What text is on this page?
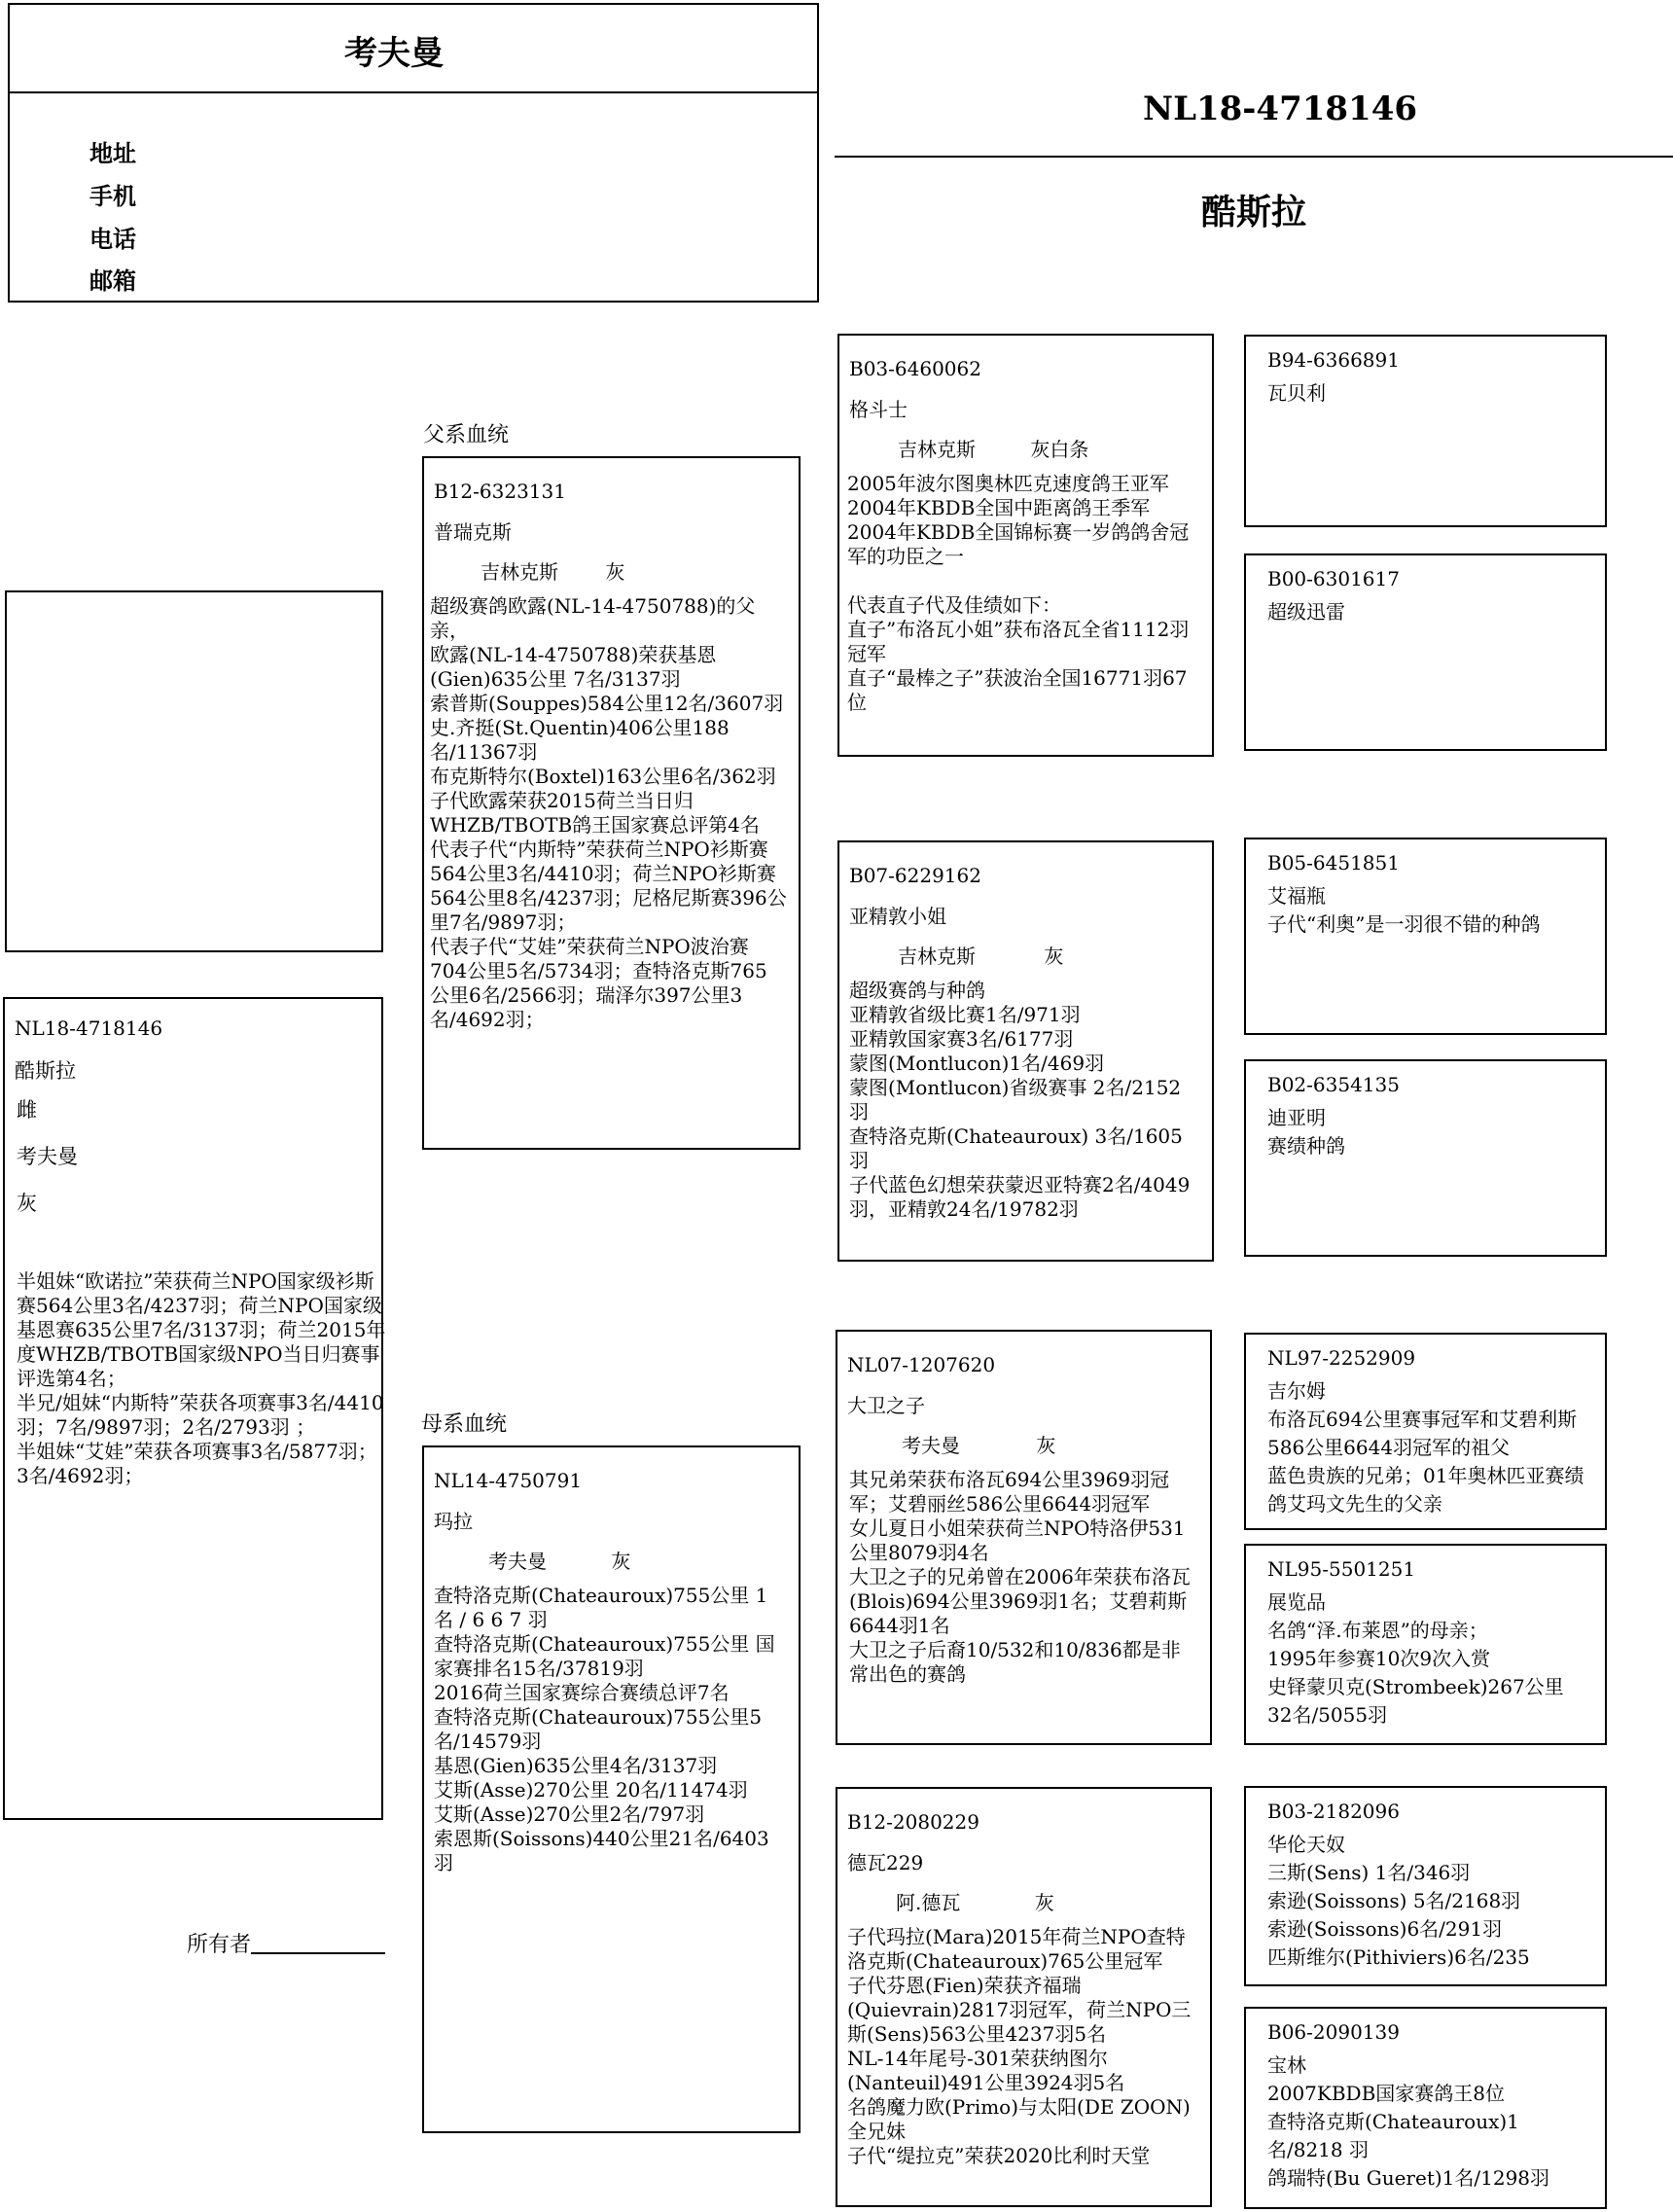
考夫曼
地址
手机
电话
邮箱
NL18-4718146
酷斯拉
NL18-4718146
酷斯拉
雌
考夫曼
灰
半姐妹“欧诺拉”荣获荷兰NPO国家级衫斯赛564公里3名/4237羽；荷兰NPO国家级基恩赛635公里7名/3137羽；荷兰2015年度WHZB/TBOTB国家级NPO当日归赛事评选第4名；
半兄/姐妹“内斯特”荣获各项赛事3名/4410羽；7名/9897羽；2名/2793羽 ；
半姐妹“艾娃”荣获各项赛事3名/5877羽；3名/4692羽；
所有者
父系血统
母系血统
B12-6323131
普瑞克斯
吉林克斯 灰
超级赛鸽欧露(NL-14-4750788)的父亲，
欧露(NL-14-4750788)荣获基恩(Gien)635公里 7名/3137羽
索普斯(Souppes)584公里12名/3607羽
史.齐挺(St.Quentin)406公里188名/11367羽
布克斯特尔(Boxtel)163公里6名/362羽
子代欧露荣获2015荷兰当日归WHZB/TBOTB鸽王国家赛总评第4名
代表子代“内斯特”荣获荷兰NPO衫斯赛564公里3名/4410羽；荷兰NPO衫斯赛564公里8名/4237羽；尼格尼斯赛396公里7名/9897羽；
代表子代“艾娃”荣获荷兰NPO波治赛 704公里5名/5734羽；查特洛克斯765 公里6名/2566羽；瑞泽尔397公里3名/4692羽；
NL14-4750791
玛拉
考夫曼	灰
查特洛克斯(Chateauroux)755公里 1 名 / 6 6 7 羽
查特洛克斯(Chateauroux)755公里 国家赛排名15名/37819羽
2016荷兰国家赛综合赛绩总评7名
查特洛克斯(Chateauroux)755公里5名/14579羽
基恩(Gien)635公里4名/3137羽
艾斯(Asse)270公里 20名/11474羽
艾斯(Asse)270公里2名/797羽
索恩斯(Soissons)440公里21名/6403羽
B03-6460062
格斗士
吉林克斯	灰白条
2005年波尔图奥林匹克速度鸽王亚军
2004年KBDB全国中距离鸽王季军
2004年KBDB全国锦标赛一岁鸽鸽舍冠军的功臣之一

代表直子代及佳绩如下：
直子”布洛瓦小姐”获布洛瓦全省1112羽冠军
直子“最棒之子”获波治全国16771羽67位
B07-6229162
亚精敦小姐
吉林克斯	灰
超级赛鸽与种鸽
亚精敦省级比赛1名/971羽
亚精敦国家赛3名/6177羽
蒙图(Montlucon)1名/469羽
蒙图(Montlucon)省级赛事 2名/2152羽
查特洛克斯(Chateauroux) 3名/1605羽
子代蓝色幻想荣获蒙迟亚特赛2名/4049羽，亚精敦24名/19782羽
NL07-1207620
大卫之子
考夫曼	灰
其兄弟荣获布洛瓦694公里3969羽冠军；艾碧丽丝586公里6644羽冠军
女儿夏日小姐荣获荷兰NPO特洛伊531公里8079羽4名
大卫之子的兄弟曾在2006年荣获布洛瓦(Blois)694公里3969羽1名；艾碧莉斯6644羽1名
大卫之子后裔10/532和10/836都是非常出色的赛鸽
B12-2080229
德瓦229
阿.德瓦	灰
子代玛拉(Mara)2015年荷兰NPO查特洛克斯(Chateauroux)765公里冠军
子代芬恩(Fien)荣获齐福瑞(Quievrain)2817羽冠军，荷兰NPO三斯(Sens)563公里4237羽5名
NL-14年尾号-301荣获纳图尔(Nanteuil)491公里3924羽5名
名鸽魔力欧(Primo)与太阳(DE ZOON)全兄妹
子代“缇拉克”荣获2020比利时天堂
B94-6366891
瓦贝利
B00-6301617
超级迅雷
B05-6451851
艾福瓶
子代“利奥”是一羽很不错的种鸽
B02-6354135
迪亚明
赛绩种鸽
NL97-2252909
吉尔姆
布洛瓦694公里赛事冠军和艾碧利斯 586公里6644羽冠军的祖父
蓝色贵族的兄弟；01年奥林匹亚赛绩鸽艾玛文先生的父亲
NL95-5501251
展览品
名鸽“泽.布莱恩”的母亲；
1995年参赛10次9次入赏
史铎蒙贝克(Strombeek)267公里 32名/5055羽
B03-2182096
华伦天奴
三斯(Sens) 1名/346羽
索逊(Soissons) 5名/2168羽
索逊(Soissons)6名/291羽
匹斯维尔(Pithiviers)6名/235
B06-2090139
宝林
2007KBDB国家赛鸽王8位
查特洛克斯(Chateauroux)1名/8218 羽
鸽瑞特(Bu Gueret)1名/1298羽
